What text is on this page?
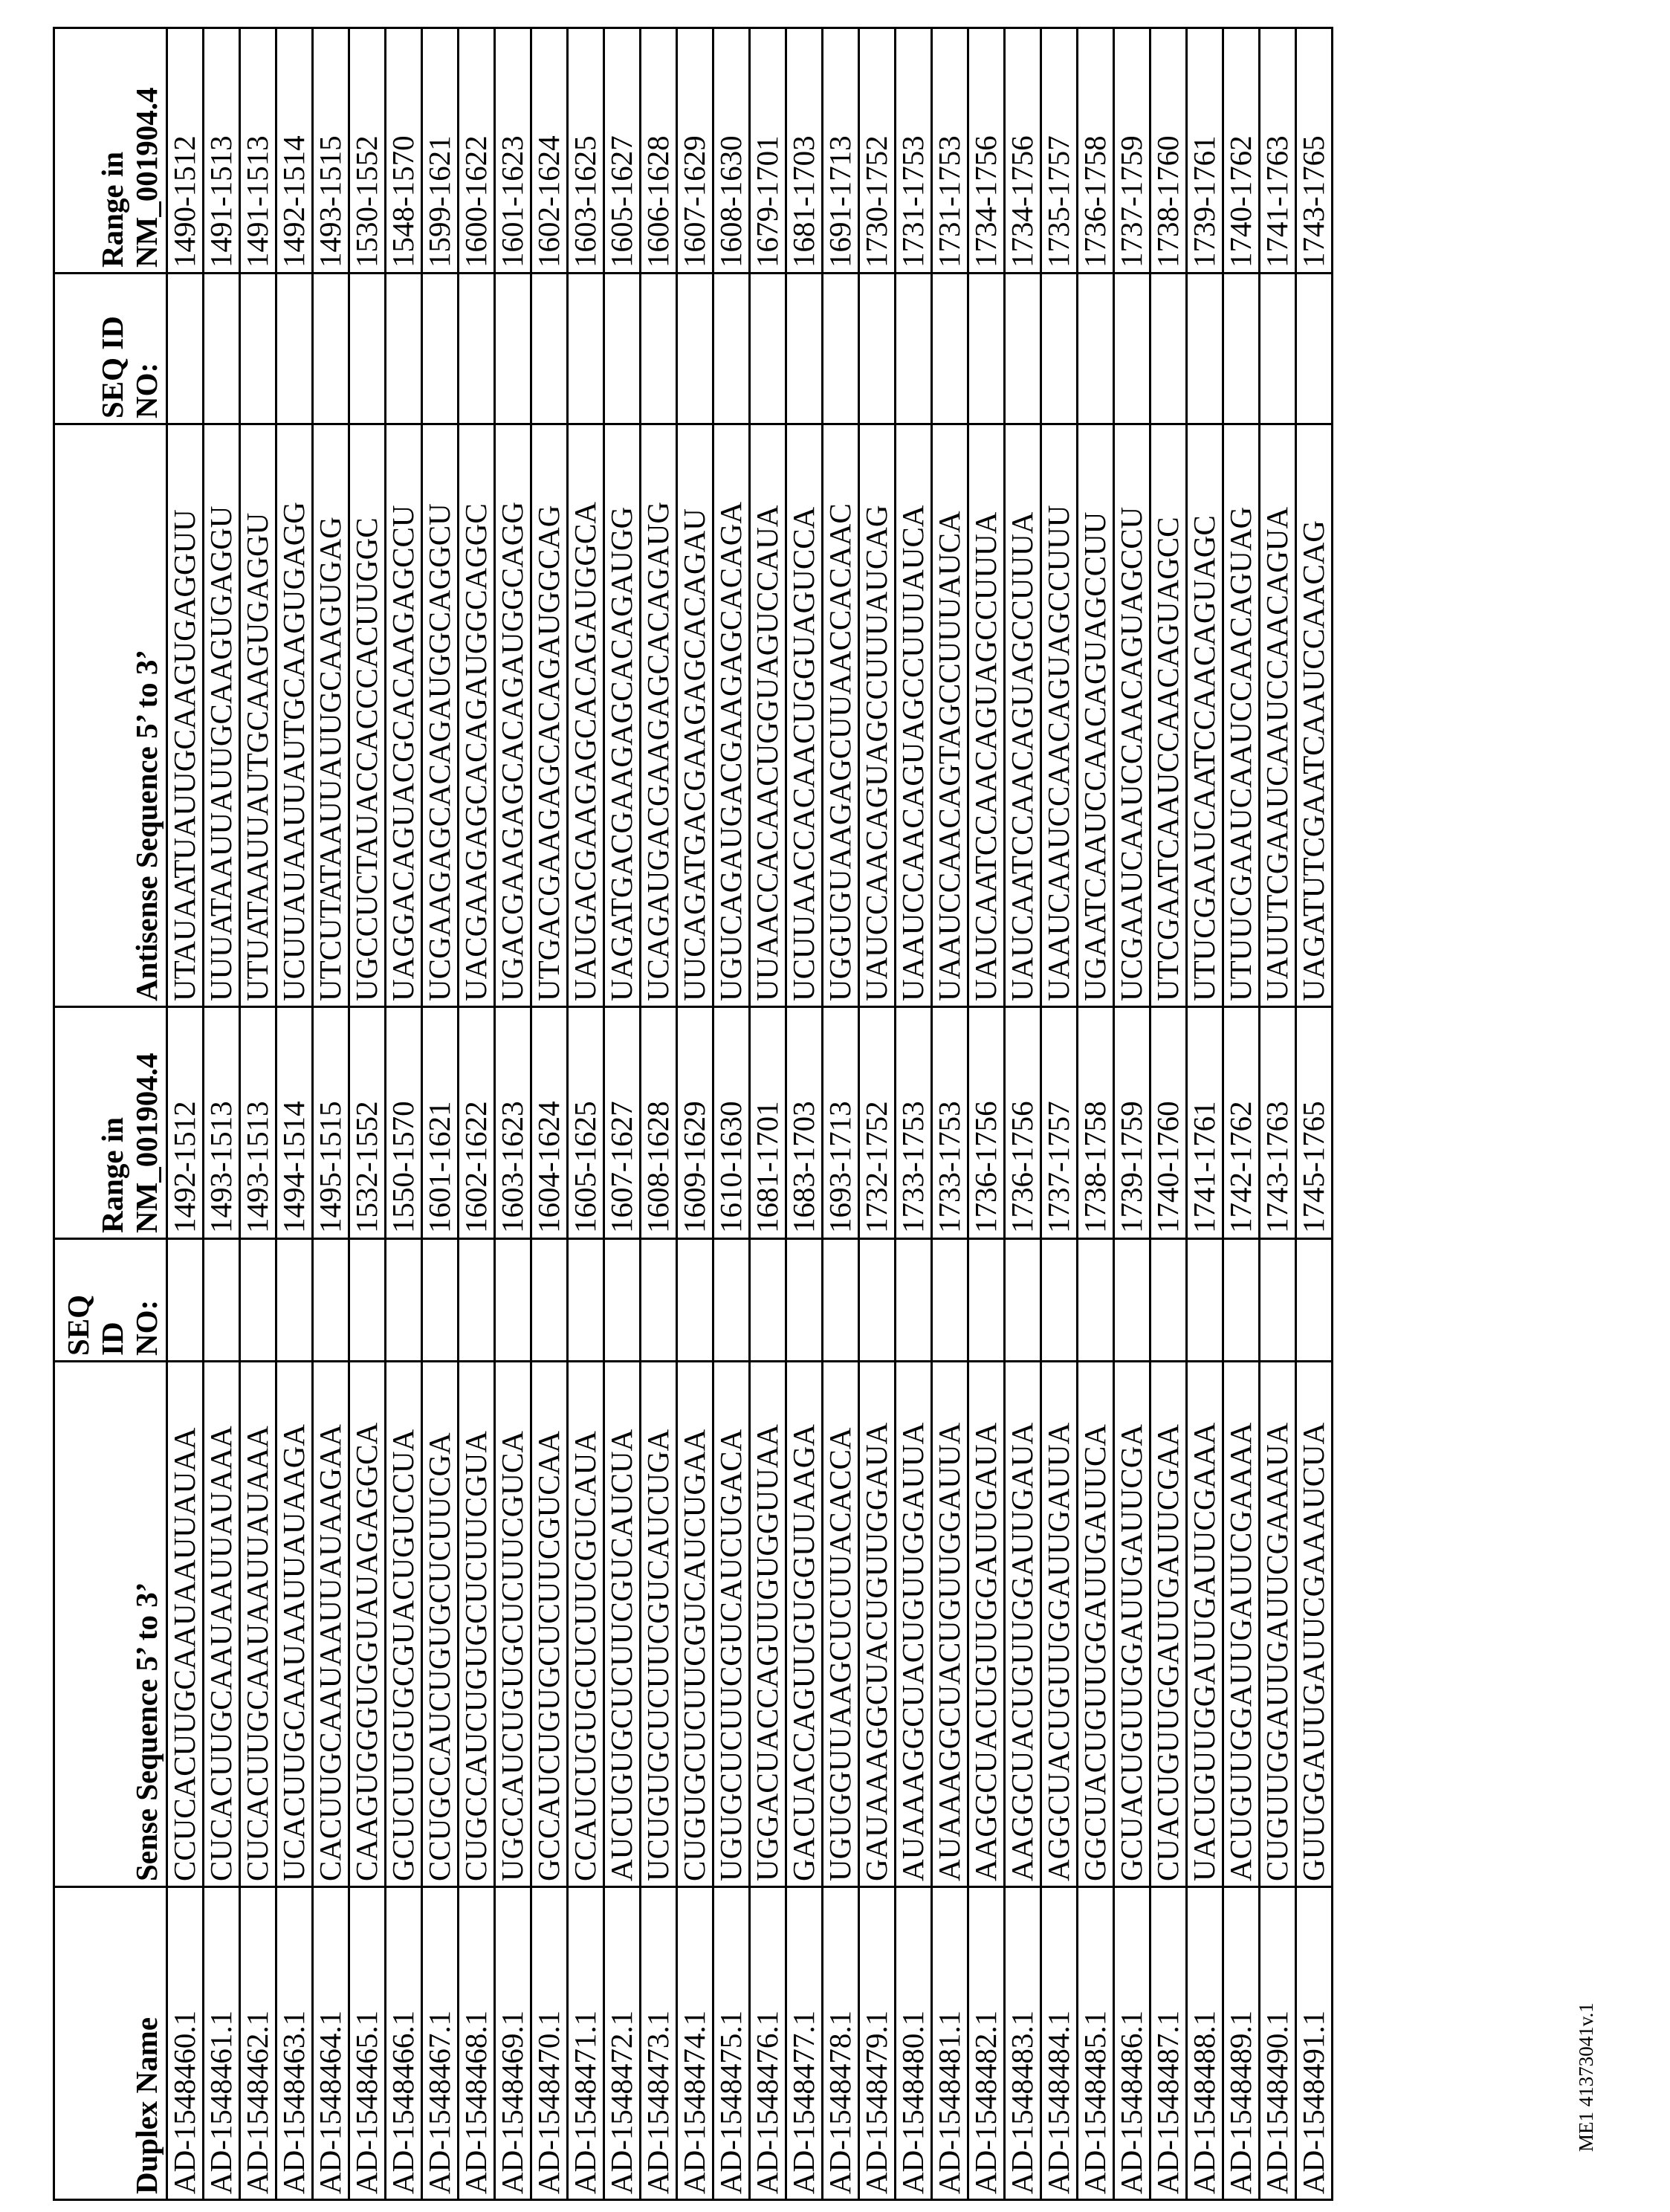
Duplex Name

Sense Sequence 5’ to 3’

SEQ ID NO:

Range in NM_001904.4

Antisense Sequence 5’ to 3’

SEQ ID NO:

Range in NM_001904.4

AD-1548460.1	CCUCACUUGCAAUAAUUAUAA		1492-1512	UTAUAATUAUUGCAAGUGAGGUU		1490-1512
AD-1548461.1	CUCACUUGCAAUAAUUAUAAA		1493-1513	UUUATAAUUAUUGCAAGUGAGGU		1491-1513
AD-1548462.1	CUCACUUGCAAUAAUUAUAAA		1493-1513	UTUATAAUUAUTGCAAGUGAGGU		1491-1513
AD-1548463.1	UCACUUGCAAUAAUUAUAAGA		1494-1514	UCUUAUAAUUAUTGCAAGUGAGG		1492-1514
AD-1548464.1	CACUUGCAAUAAUUAUAAGAA		1495-1515	UTCUTATAAUUAUUGCAAGUGAG		1493-1515
AD-1548465.1	CAAGUGGGUGGUAUAGAGGCA		1532-1552	UGCCUCTAUACCACCCACUUGGC		1530-1552
AD-1548466.1	GCUCUUGUGCGUACUGUCCUA		1550-1570	UAGGACAGUACGCACAAGAGCCU		1548-1570
AD-1548467.1	CCUGCCAUCUGUGCUCUUCGA		1601-1621	UCGAAGAGCACAGAUGGCAGGCU		1599-1621
AD-1548468.1	CUGCCAUCUGUGCUCUUCGUA		1602-1622	UACGAAGAGCACAGAUGGCAGGC		1600-1622
AD-1548469.1	UGCCAUCUGUGCUCUUCGUCA		1603-1623	UGACGAAGAGCACAGAUGGCAGG		1601-1623
AD-1548470.1	GCCAUCUGUGCUCUUCGUCAA		1604-1624	UTGACGAAGAGCACAGAUGGCAG		1602-1624
AD-1548471.1	CCAUCUGUGCUCUUCGUCAUA		1605-1625	UAUGACGAAGAGCACAGAUGGCA		1603-1625
AD-1548472.1	AUCUGUGCUCUUCGUCAUCUA		1607-1627	UAGATGACGAAGAGCACAGAUGG		1605-1627
AD-1548473.1	UCUGUGCUCUUCGUCAUCUGA		1608-1628	UCAGAUGACGAAGAGCACAGAUG		1606-1628
AD-1548474.1	CUGUGCUCUUCGUCAUCUGAA		1609-1629	UUCAGATGACGAAGAGCACAGAU		1607-1629
AD-1548475.1	UGUGCUCUUCGUCAUCUGACA		1610-1630	UGUCAGAUGACGAAGAGCACAGA		1608-1630
AD-1548476.1	UGGACUACCAGUUGUGGUUAA		1681-1701	UUAACCACAACUGGUAGUCCAUA		1679-1701
AD-1548477.1	GACUACCAGUUGUGGUUAAGA		1683-1703	UCUUAACCACAACUGGUAGUCCA		1681-1703
AD-1548478.1	UGUGGUUAAGCUCUUACACCA		1693-1713	UGGUGUAAGAGCUUAACCACAAC		1691-1713
AD-1548479.1	GAUAAAGGCUACUGUUGGAUA		1732-1752	UAUCCAACAGUAGCCUUUAUCAG		1730-1752
AD-1548480.1	AUAAAGGCUACUGUUGGAUUA		1733-1753	UAAUCCAACAGUAGCCUUUAUCA		1731-1753
AD-1548481.1	AUAAAGGCUACUGUUGGAUUA		1733-1753	UAAUCCAACAGTAGCCUUUAUCA		1731-1753
AD-1548482.1	AAGGCUACUGUUGGAUUGAUA		1736-1756	UAUCAATCCAACAGUAGCCUUUA		1734-1756
AD-1548483.1	AAGGCUACUGUUGGAUUGAUA		1736-1756	UAUCAATCCAACAGUAGCCUUUA		1734-1756
AD-1548484.1	AGGCUACUGUUGGAUUGAUUA		1737-1757	UAAUCAAUCCAACAGUAGCCUUU		1735-1757
AD-1548485.1	GGCUACUGUUGGAUUGAUUCA		1738-1758	UGAATCAAUCCAACAGUAGCCUU		1736-1758
AD-1548486.1	GCUACUGUUGGAUUGAUUCGA		1739-1759	UCGAAUCAAUCCAACAGUAGCCU		1737-1759
AD-1548487.1	CUACUGUUGGAUUGAUUCGAA		1740-1760	UTCGAATCAAUCCAACAGUAGCC		1738-1760
AD-1548488.1	UACUGUUGGAUUGAUUCGAAA		1741-1761	UTUCGAAUCAATCCAACAGUAGC		1739-1761
AD-1548489.1	ACUGUUGGAUUGAUUCGAAAA		1742-1762	UTUUCGAAUCAAUCCAACAGUAG		1740-1762
AD-1548490.1	CUGUUGGAUUGAUUCGAAAUA		1743-1763	UAUUTCGAAUCAAUCCAACAGUA		1741-1763
AD-1548491.1	GUUGGAUUGAUUCGAAAUCUA		1745-1765	UAGATUTCGAATCAAUCCAACAG		1743-1765
ME1 41373041v.1
